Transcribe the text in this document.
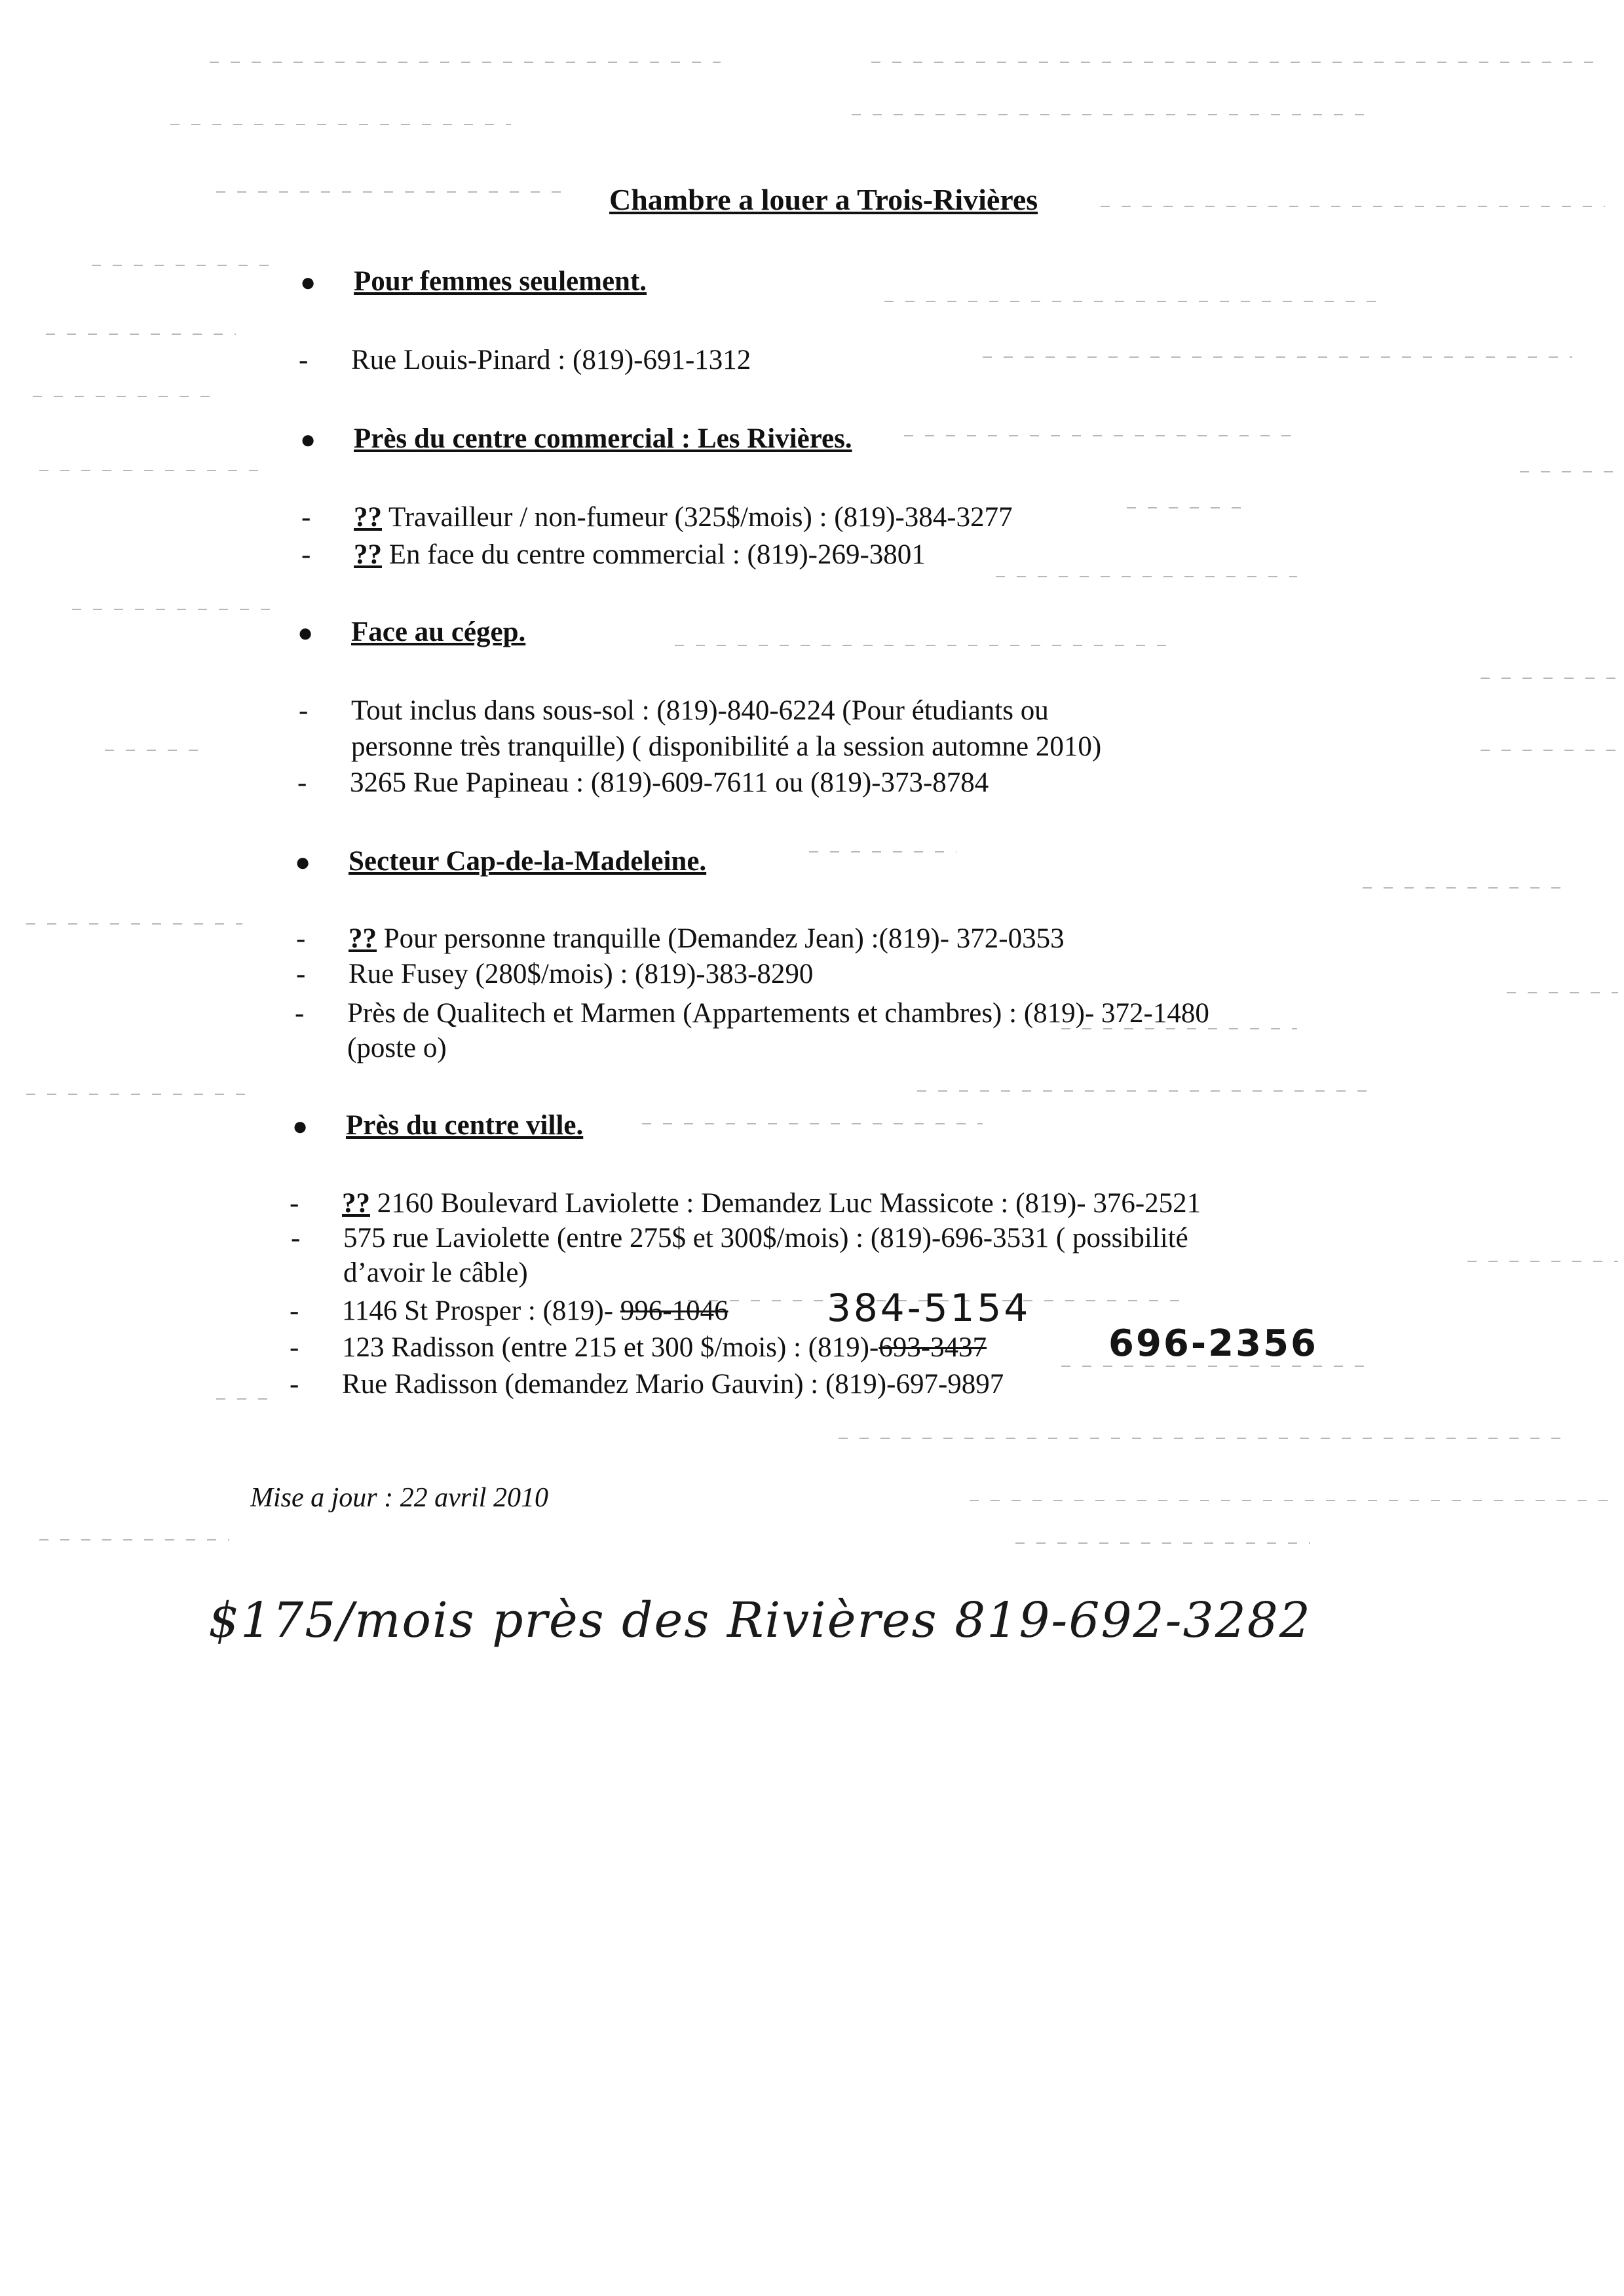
Chambre a louer a Trois-Rivières
● Pour femmes seulement.
- Rue Louis-Pinard : (819)-691-1312
● Près du centre commercial : Les Rivières.
- ?? Travailleur / non-fumeur (325$/mois) : (819)-384-3277
- ?? En face du centre commercial : (819)-269-3801
● Face au cégep.
- Tout inclus dans sous-sol : (819)-840-6224 (Pour étudiants ou
personne très tranquille) ( disponibilité a la session automne 2010)
- 3265 Rue Papineau : (819)-609-7611 ou (819)-373-8784
● Secteur Cap-de-la-Madeleine.
- ?? Pour personne tranquille (Demandez Jean) :(819)- 372-0353
- Rue Fusey (280$/mois) : (819)-383-8290
- Près de Qualitech et Marmen (Appartements et chambres) : (819)- 372-1480
(poste o)
● Près du centre ville.
- ?? 2160 Boulevard Laviolette : Demandez Luc Massicote : (819)- 376-2521
- 575 rue Laviolette (entre 275$ et 300$/mois) : (819)-696-3531 ( possibilité
d’avoir le câble)
- 1146 St Prosper : (819)- 996-1046	384-5154
- 123 Radisson (entre 215 et 300 $/mois) : (819)-693-3437	696-2356
- Rue Radisson (demandez Mario Gauvin) : (819)-697-9897
Mise a jour : 22 avril 2010
$175/mois près des Rivières 819-692-3282
